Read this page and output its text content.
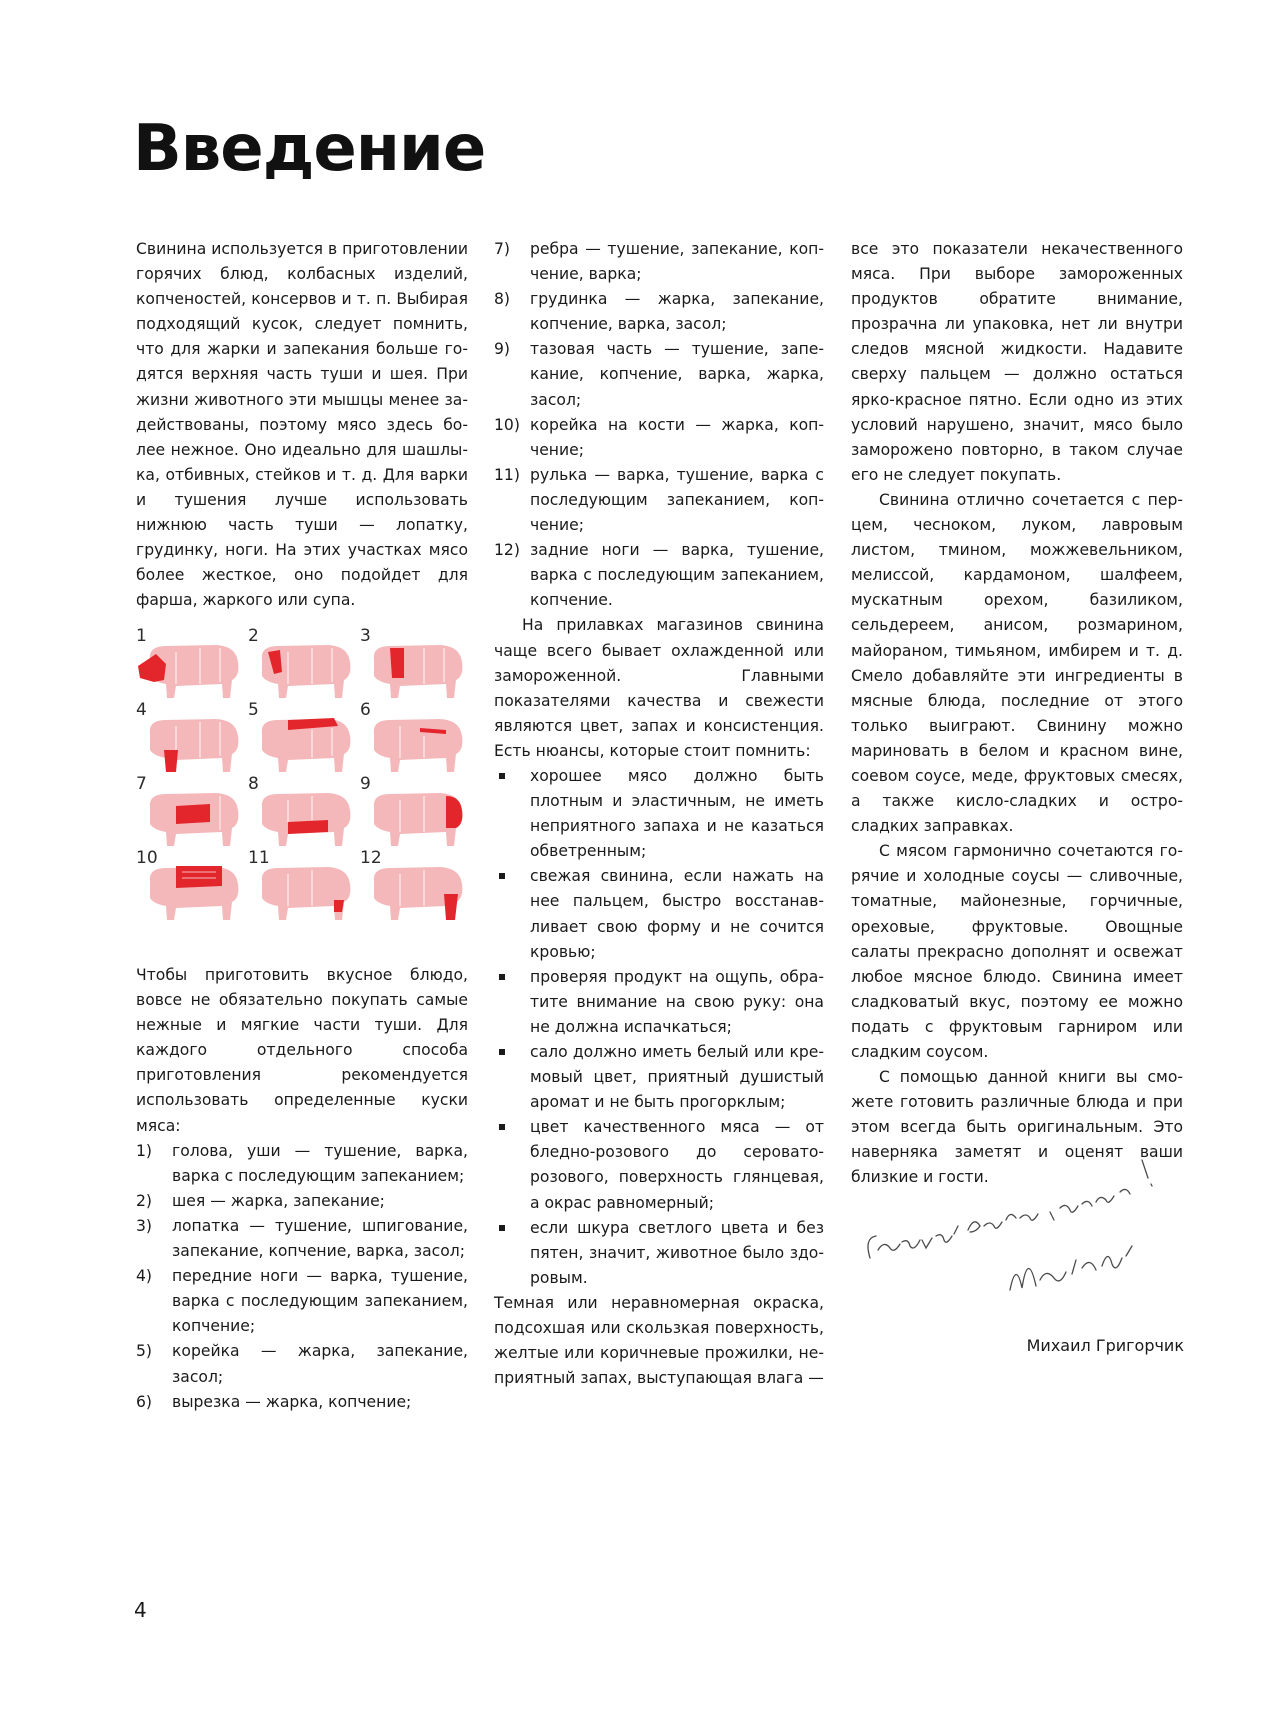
Введение

Свинина используется в приготовлении горячих блюд, колбасных изделий, копченостей, консервов и т. п. Выбирая подходящий кусок, следует помнить, что для жарки и запекания больше годятся верхняя часть туши и шея. При жизни животного эти мышцы менее задействованы, поэтому мясо здесь более нежное. Оно идеально для шашлыка, отбивных, стейков и т. д. Для варки и тушения лучше использовать нижнюю часть туши — лопатку, грудинку, ноги. На этих участках мясо более жесткое, оно подойдет для фарша, жаркого или супа.

1	2	3
4	5	6
7	8	9
10	11	12

Чтобы приготовить вкусное блюдо, вовсе не обязательно покупать самые нежные и мягкие части туши. Для каждого отдельного способа приготовления рекомендуется использовать определенные куски мяса:

1) голова, уши — тушение, варка, варка с последующим запеканием;
2) шея — жарка, запекание;
3) лопатка — тушение, шпигование, запекание, копчение, варка, засол;
4) передние ноги — варка, тушение, варка с последующим запеканием, копчение;
5) корейка — жарка, запекание, засол;
6) вырезка — жарка, копчение;
7) ребра — тушение, запекание, копчение, варка;
8) грудинка — жарка, запекание, копчение, варка, засол;
9) тазовая часть — тушение, запекание, копчение, варка, жарка, засол;
10) корейка на кости — жарка, копчение;
11) рулька — варка, тушение, варка с последующим запеканием, копчение;
12) задние ноги — варка, тушение, варка с последующим запеканием, копчение.

На прилавках магазинов свинина чаще всего бывает охлажденной или замороженной. Главными показателями качества и свежести являются цвет, запах и консистенция. Есть нюансы, которые стоит помнить:

хорошее мясо должно быть плотным и эластичным, не иметь неприятного запаха и не казаться обветренным;
свежая свинина, если нажать на нее пальцем, быстро восстанавливает свою форму и не сочится кровью;
проверяя продукт на ощупь, обратите внимание на свою руку: она не должна испачкаться;
сало должно иметь белый или кремовый цвет, приятный душистый аромат и не быть прогорклым;
цвет качественного мяса — от бледно-розового до серовато-розового, поверхность глянцевая, а окрас равномерный;
если шкура светлого цвета и без пятен, значит, животное было здоровым.

Темная или неравномерная окраска, подсохшая или скользкая поверхность, желтые или коричневые прожилки, неприятный запах, выступающая влага —

все это показатели некачественного мяса. При выборе замороженных продуктов обратите внимание, прозрачна ли упаковка, нет ли внутри следов мясной жидкости. Надавите сверху пальцем — должно остаться ярко-красное пятно. Если одно из этих условий нарушено, значит, мясо было заморожено повторно, в таком случае его не следует покупать.

Свинина отлично сочетается с перцем, чесноком, луком, лавровым листом, тмином, можжевельником, мелиссой, кардамоном, шалфеем, мускатным орехом, базиликом, сельдереем, анисом, розмарином, майораном, тимьяном, имбирем и т. д. Смело добавляйте эти ингредиенты в мясные блюда, последние от этого только выиграют. Свинину можно мариновать в белом и красном вине, соевом соусе, меде, фруктовых смесях, а также кисло-сладких и остро-сладких заправках.

С мясом гармонично сочетаются горячие и холодные соусы — сливочные, томатные, майонезные, горчичные, ореховые, фруктовые. Овощные салаты прекрасно дополнят и освежат любое мясное блюдо. Свинина имеет сладковатый вкус, поэтому ее можно подать с фруктовым гарниром или сладким соусом.

С помощью данной книги вы сможете готовить различные блюда и при этом всегда быть оригинальным. Это наверняка заметят и оценят ваши близкие и гости.

Михаил Григорчик
4
